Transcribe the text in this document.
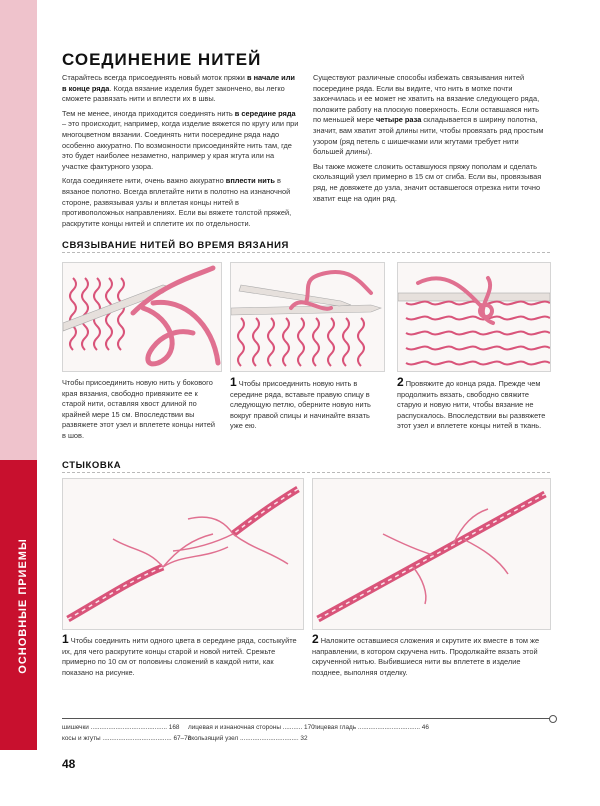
ОСНОВНЫЕ ПРИЕМЫ
СОЕДИНЕНИЕ НИТЕЙ

Старайтесь всегда присоединять новый моток пряжи в начале или в конце ряда. Когда вязание изделия будет закончено, вы легко сможете развязать нити и вплести их в швы.

Тем не менее, иногда приходится соединять нить в середине ряда – это происходит, например, когда изделие вяжется по кругу или при многоцветном вязании. Соединять нити посередине ряда надо особенно аккуратно. По возможности присоединяйте нить там, где это будет наиболее незаметно, например у края жгута или на участке фактурного узора.

Когда соединяете нити, очень важно аккуратно вплести нить в вязаное полотно. Всегда вплетайте нити в полотно на изнаночной стороне, развязывая узлы и вплетая концы нитей в противоположных направлениях. Если вы вяжете толстой пряжей, раскрутите концы нитей и сплетите их по отдельности.

Существуют различные способы избежать связывания нитей посередине ряда. Если вы видите, что нить в мотке почти закончилась и ее может не хватить на вязание следующего ряда, положите работу на плоскую поверхность. Если оставшаяся нить по меньшей мере четыре раза складывается в ширину полотна, значит, вам хватит этой длины нити, чтобы провязать ряд простым узором (ряд петель с шишечками или жгутами требует нити большей длины).

Вы также можете сложить оставшуюся пряжу пополам и сделать скользящий узел примерно в 15 см от сгиба. Если вы, провязывая ряд, не довяжете до узла, значит оставшегося отрезка нити точно хватит еще на один ряд.

СВЯЗЫВАНИЕ НИТЕЙ ВО ВРЕМЯ ВЯЗАНИЯ
Чтобы присоединить новую нить у бокового края вязания, свободно привяжите ее к старой нити, оставляя хвост длиной по крайней мере 15 см. Впоследствии вы развяжете этот узел и вплетете концы нитей в шов.
1 Чтобы присоединить новую нить в середине ряда, вставьте правую спицу в следующую петлю, оберните новую нить вокруг правой спицы и начинайте вязать уже ею.
2 Провяжите до конца ряда. Прежде чем продолжить вязать, свободно свяжите старую и новую нити, чтобы вязание не распускалось. Впоследствии вы развяжете этот узел и вплетете концы нитей в ткань.
СТЫКОВКА
1 Чтобы соединить нити одного цвета в середине ряда, состыкуйте их, для чего раскрутите концы старой и новой нитей. Срежьте примерно по 10 см от половины сложений в каждой нити, как показано на рисунке.
2 Наложите оставшиеся сложения и скрутите их вместе в том же направлении, в котором скручена нить. Продолжайте вязать этой скрученной нитью. Выбившиеся нити вы вплетете в изделие позднее, выполняя отделку.
шишечки ........................................... 168
косы и жгуты ....................................... 67–78
лицевая и изнаночная стороны ........... 170
скользящий узел ................................. 32
лицевая гладь ................................... 46
48
